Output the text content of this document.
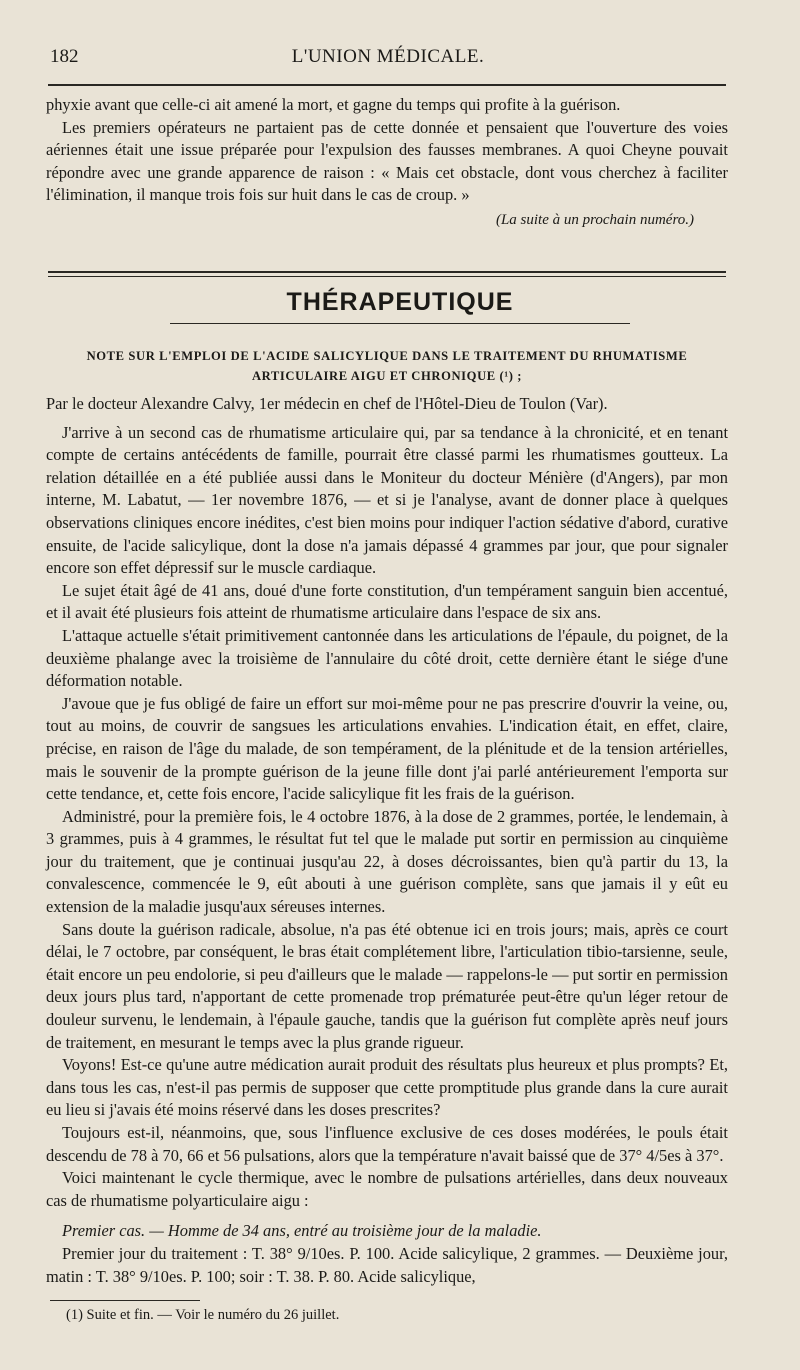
182	L'UNION MÉDICALE.

phyxie avant que celle-ci ait amené la mort, et gagne du temps qui profite à la guérison.

Les premiers opérateurs ne partaient pas de cette donnée et pensaient que l'ouverture des voies aériennes était une issue préparée pour l'expulsion des fausses membranes. A quoi Cheyne pouvait répondre avec une grande apparence de raison : « Mais cet obstacle, dont vous cherchez à faciliter l'élimination, il manque trois fois sur huit dans le cas de croup. »

(La suite à un prochain numéro.)
THÉRAPEUTIQUE
NOTE SUR L'EMPLOI DE L'ACIDE SALICYLIQUE DANS LE TRAITEMENT DU RHUMATISME
ARTICULAIRE AIGU ET CHRONIQUE (¹) ;

Par le docteur Alexandre Calvy, 1er médecin en chef de l'Hôtel-Dieu de Toulon (Var).

J'arrive à un second cas de rhumatisme articulaire qui, par sa tendance à la chronicité, et en tenant compte de certains antécédents de famille, pourrait être classé parmi les rhumatismes goutteux. La relation détaillée en a été publiée aussi dans le Moniteur du docteur Ménière (d'Angers), par mon interne, M. Labatut, — 1er novembre 1876, — et si je l'analyse, avant de donner place à quelques observations cliniques encore inédites, c'est bien moins pour indiquer l'action sédative d'abord, curative ensuite, de l'acide salicylique, dont la dose n'a jamais dépassé 4 grammes par jour, que pour signaler encore son effet dépressif sur le muscle cardiaque.

Le sujet était âgé de 41 ans, doué d'une forte constitution, d'un tempérament sanguin bien accentué, et il avait été plusieurs fois atteint de rhumatisme articulaire dans l'espace de six ans.

L'attaque actuelle s'était primitivement cantonnée dans les articulations de l'épaule, du poignet, de la deuxième phalange avec la troisième de l'annulaire du côté droit, cette dernière étant le siége d'une déformation notable.

J'avoue que je fus obligé de faire un effort sur moi-même pour ne pas prescrire d'ouvrir la veine, ou, tout au moins, de couvrir de sangsues les articulations envahies. L'indication était, en effet, claire, précise, en raison de l'âge du malade, de son tempérament, de la plénitude et de la tension artérielles, mais le souvenir de la prompte guérison de la jeune fille dont j'ai parlé antérieurement l'emporta sur cette tendance, et, cette fois encore, l'acide salicylique fit les frais de la guérison.

Administré, pour la première fois, le 4 octobre 1876, à la dose de 2 grammes, portée, le lendemain, à 3 grammes, puis à 4 grammes, le résultat fut tel que le malade put sortir en permission au cinquième jour du traitement, que je continuai jusqu'au 22, à doses décroissantes, bien qu'à partir du 13, la convalescence, commencée le 9, eût abouti à une guérison complète, sans que jamais il y eût eu extension de la maladie jusqu'aux séreuses internes.

Sans doute la guérison radicale, absolue, n'a pas été obtenue ici en trois jours; mais, après ce court délai, le 7 octobre, par conséquent, le bras était complétement libre, l'articulation tibio-tarsienne, seule, était encore un peu endolorie, si peu d'ailleurs que le malade — rappelons-le — put sortir en permission deux jours plus tard, n'apportant de cette promenade trop prématurée peut-être qu'un léger retour de douleur survenu, le lendemain, à l'épaule gauche, tandis que la guérison fut complète après neuf jours de traitement, en mesurant le temps avec la plus grande rigueur.

Voyons! Est-ce qu'une autre médication aurait produit des résultats plus heureux et plus prompts? Et, dans tous les cas, n'est-il pas permis de supposer que cette promptitude plus grande dans la cure aurait eu lieu si j'avais été moins réservé dans les doses prescrites?

Toujours est-il, néanmoins, que, sous l'influence exclusive de ces doses modérées, le pouls était descendu de 78 à 70, 66 et 56 pulsations, alors que la température n'avait baissé que de 37° 4/5es à 37°.

Voici maintenant le cycle thermique, avec le nombre de pulsations artérielles, dans deux nouveaux cas de rhumatisme polyarticulaire aigu :

Premier cas. — Homme de 34 ans, entré au troisième jour de la maladie.

Premier jour du traitement : T. 38° 9/10es. P. 100. Acide salicylique, 2 grammes. — Deuxième jour, matin : T. 38° 9/10es. P. 100; soir : T. 38. P. 80. Acide salicylique,

(1) Suite et fin. — Voir le numéro du 26 juillet.
